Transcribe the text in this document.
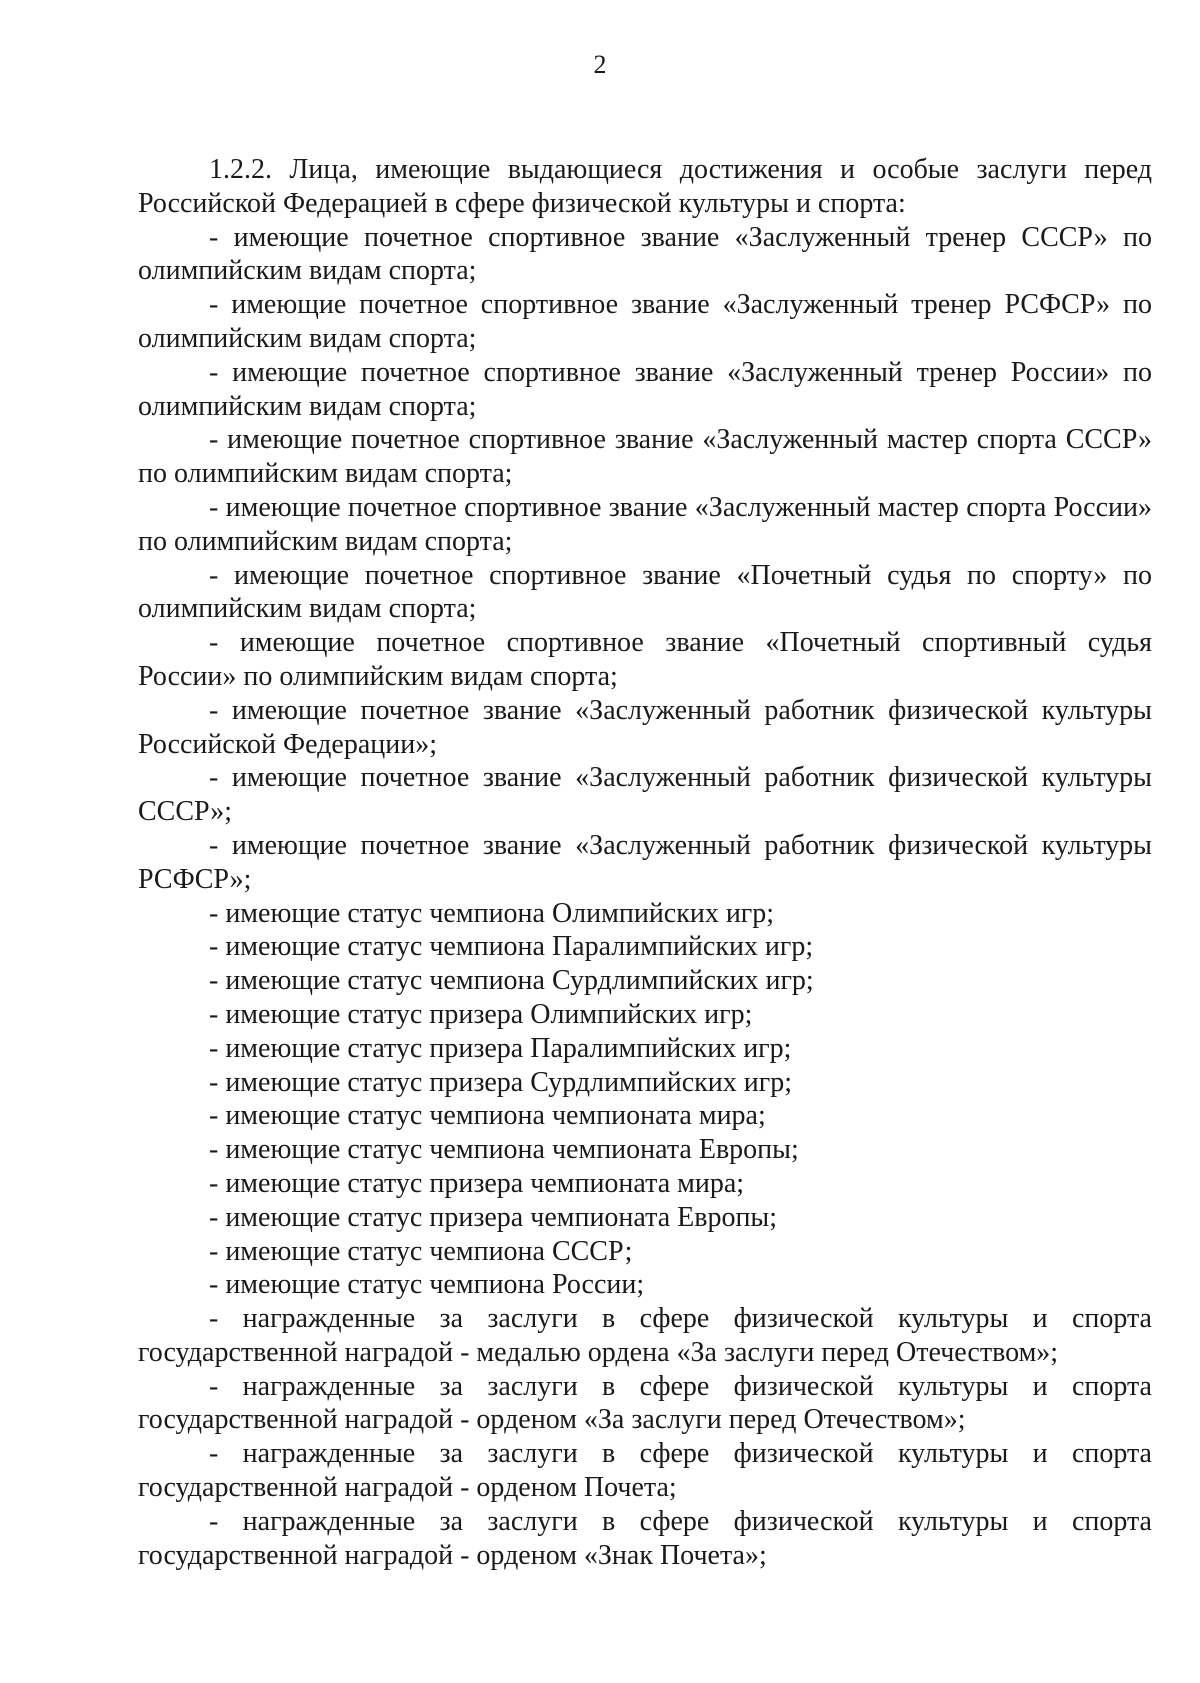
2

1.2.2. Лица, имеющие выдающиеся достижения и особые заслуги перед Российской Федерацией в сфере физической культуры и спорта:

- имеющие почетное спортивное звание «Заслуженный тренер СССР» по олимпийским видам спорта;

- имеющие почетное спортивное звание «Заслуженный тренер РСФСР» по олимпийским видам спорта;

- имеющие почетное спортивное звание «Заслуженный тренер России» по олимпийским видам спорта;

- имеющие почетное спортивное звание «Заслуженный мастер спорта СССР» по олимпийским видам спорта;

- имеющие почетное спортивное звание «Заслуженный мастер спорта России» по олимпийским видам спорта;

- имеющие почетное спортивное звание «Почетный судья по спорту» по олимпийским видам спорта;

- имеющие почетное спортивное звание «Почетный спортивный судья России» по олимпийским видам спорта;

- имеющие почетное звание «Заслуженный работник физической культуры Российской Федерации»;

- имеющие почетное звание «Заслуженный работник физической культуры СССР»;

- имеющие почетное звание «Заслуженный работник физической культуры РСФСР»;

- имеющие статус чемпиона Олимпийских игр;

- имеющие статус чемпиона Паралимпийских игр;

- имеющие статус чемпиона Сурдлимпийских игр;

- имеющие статус призера Олимпийских игр;

- имеющие статус призера Паралимпийских игр;

- имеющие статус призера Сурдлимпийских игр;

- имеющие статус чемпиона чемпионата мира;

- имеющие статус чемпиона чемпионата Европы;

- имеющие статус призера чемпионата мира;

- имеющие статус призера чемпионата Европы;

- имеющие статус чемпиона СССР;

- имеющие статус чемпиона России;

- награжденные за заслуги в сфере физической культуры и спорта государственной наградой - медалью ордена «За заслуги перед Отечеством»;

- награжденные за заслуги в сфере физической культуры и спорта государственной наградой - орденом «За заслуги перед Отечеством»;

- награжденные за заслуги в сфере физической культуры и спорта государственной наградой - орденом Почета;

- награжденные за заслуги в сфере физической культуры и спорта государственной наградой - орденом «Знак Почета»;
